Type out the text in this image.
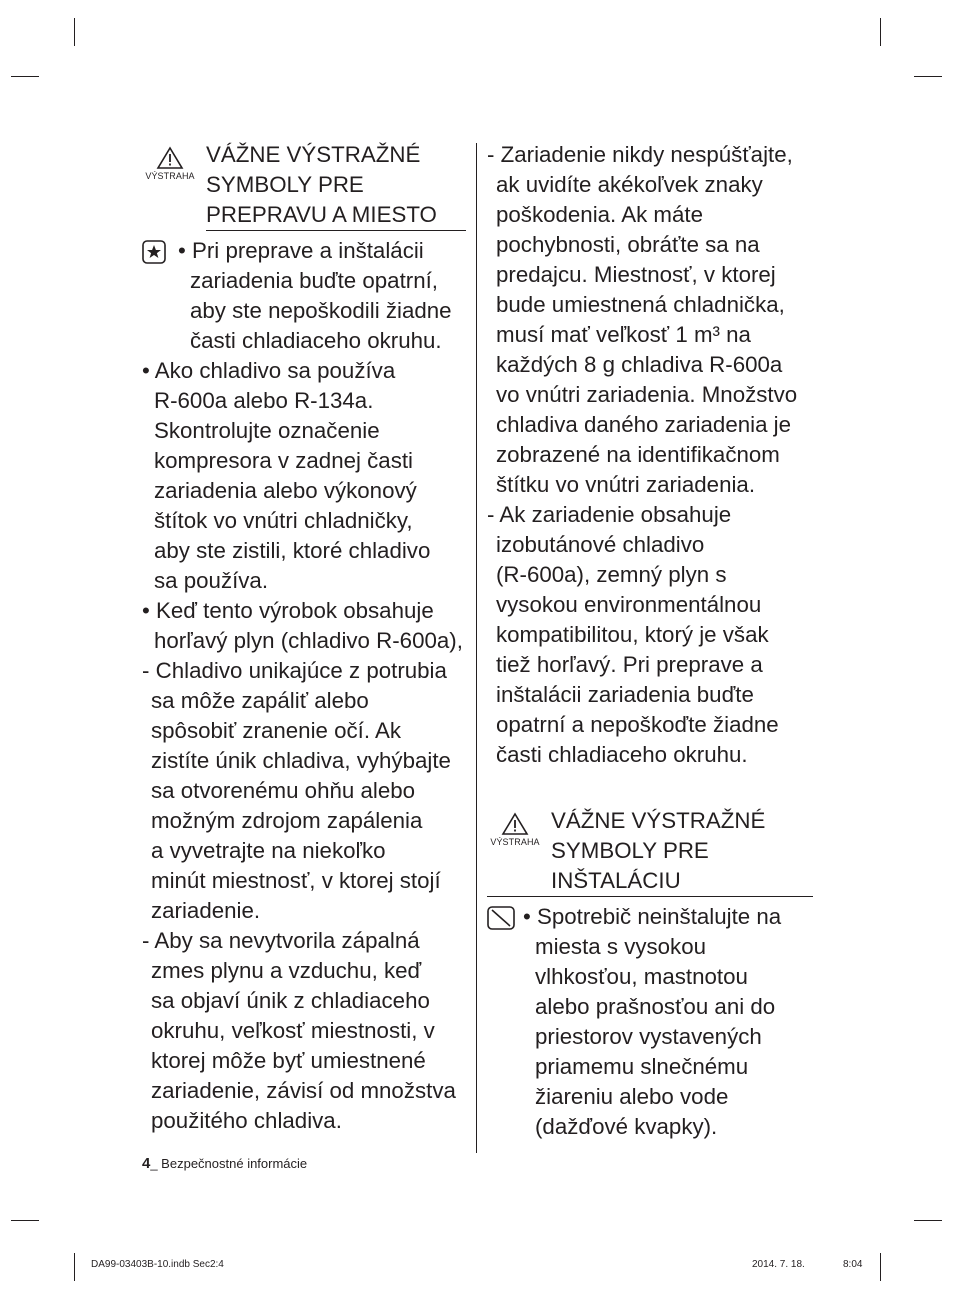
VÝSTRAHA
VÁŽNE VÝSTRAŽNÉ
SYMBOLY PRE
PREPRAVU A MIESTO
• Pri preprave a inštalácii
zariadenia buďte opatrní,
aby ste nepoškodili žiadne
časti chladiaceho okruhu.
• Ako chladivo sa používa
R-600a alebo R-134a.
Skontrolujte označenie
kompresora v zadnej časti
zariadenia alebo výkonový
štítok vo vnútri chladničky,
aby ste zistili, ktoré chladivo
sa používa.
• Keď tento výrobok obsahuje
horľavý plyn (chladivo R-600a),
- Chladivo unikajúce z potrubia
sa môže zapáliť alebo
spôsobiť zranenie očí. Ak
zistíte únik chladiva, vyhýbajte
sa otvorenému ohňu alebo
možným zdrojom zapálenia
a vyvetrajte na niekoľko
minút miestnosť, v ktorej stojí
zariadenie.
- Aby sa nevytvorila zápalná
zmes plynu a vzduchu, keď
sa objaví únik z chladiaceho
okruhu, veľkosť miestnosti, v
ktorej môže byť umiestnené
zariadenie, závisí od množstva
použitého chladiva.
- Zariadenie nikdy nespúšťajte,
ak uvidíte akékoľvek znaky
poškodenia. Ak máte
pochybnosti, obráťte sa na
predajcu. Miestnosť, v ktorej
bude umiestnená chladnička,
musí mať veľkosť 1 m³ na
každých 8 g chladiva R-600a
vo vnútri zariadenia. Množstvo
chladiva daného zariadenia je
zobrazené na identifikačnom
štítku vo vnútri zariadenia.
- Ak zariadenie obsahuje
izobutánové chladivo
(R-600a), zemný plyn s
vysokou environmentálnou
kompatibilitou, ktorý je však
tiež horľavý. Pri preprave a
inštalácii zariadenia buďte
opatrní a nepoškoďte žiadne
časti chladiaceho okruhu.
VÝSTRAHA
VÁŽNE VÝSTRAŽNÉ
SYMBOLY PRE
INŠTALÁCIU
• Spotrebič neinštalujte na
miesta s vysokou
vlhkosťou, mastnotou
alebo prašnosťou ani do
priestorov vystavených
priamemu slnečnému
žiareniu alebo vode
(dažďové kvapky).
4_ Bezpečnostné informácie
DA99-03403B-10.indb Sec2:4	2014. 7. 18.	8:04
